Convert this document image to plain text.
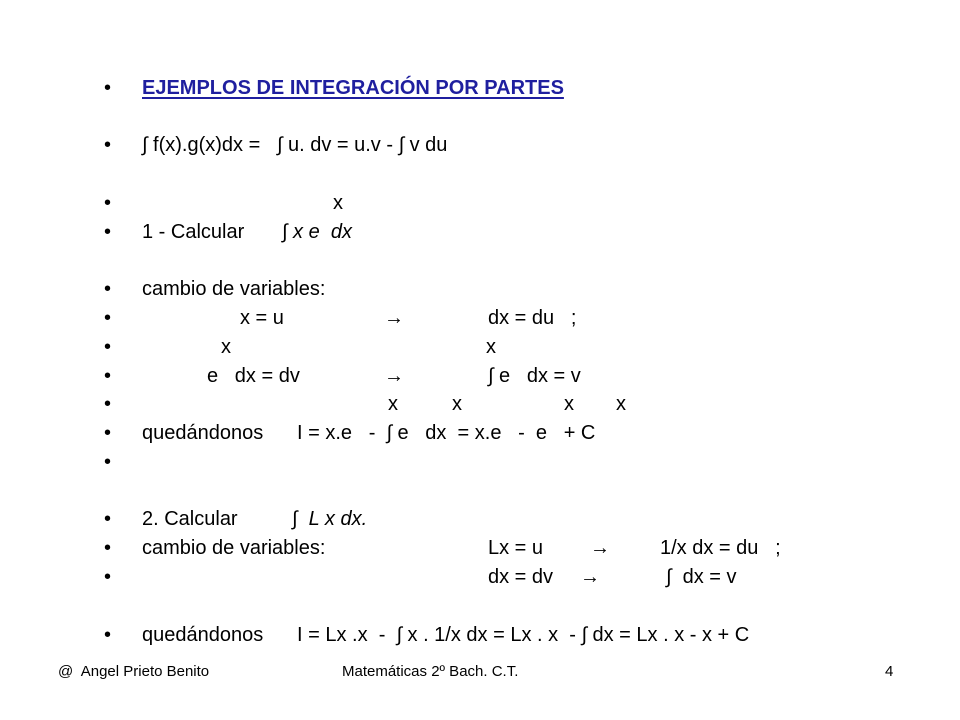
•
•
•
•
•
•
•
•
•
•
•
•
•
•
•
EJEMPLOS DE INTEGRACIÓN POR PARTES
∫ f(x).g(x)dx =   ∫ u. dv = u.v - ∫ v du
x
1 - Calcular ∫ x e  dx
cambio de variables:
x = u	→	dx = du   ;
x	x
e   dx = dv	→	∫ e   dx = v
x	x	x x
quedándonos I = x.e   -  ∫ e   dx  = x.e   -  e   + C
2. Calcular	∫  L x dx.
cambio de variables:	Lx = u →	1/x dx = du   ;
dx = dv →	∫  dx = v
quedándonos I = Lx .x  -  ∫ x . 1/x dx = Lx . x  - ∫ dx = Lx . x - x + C
@  Angel Prieto Benito	Matemáticas 2º Bach. C.T.	4
